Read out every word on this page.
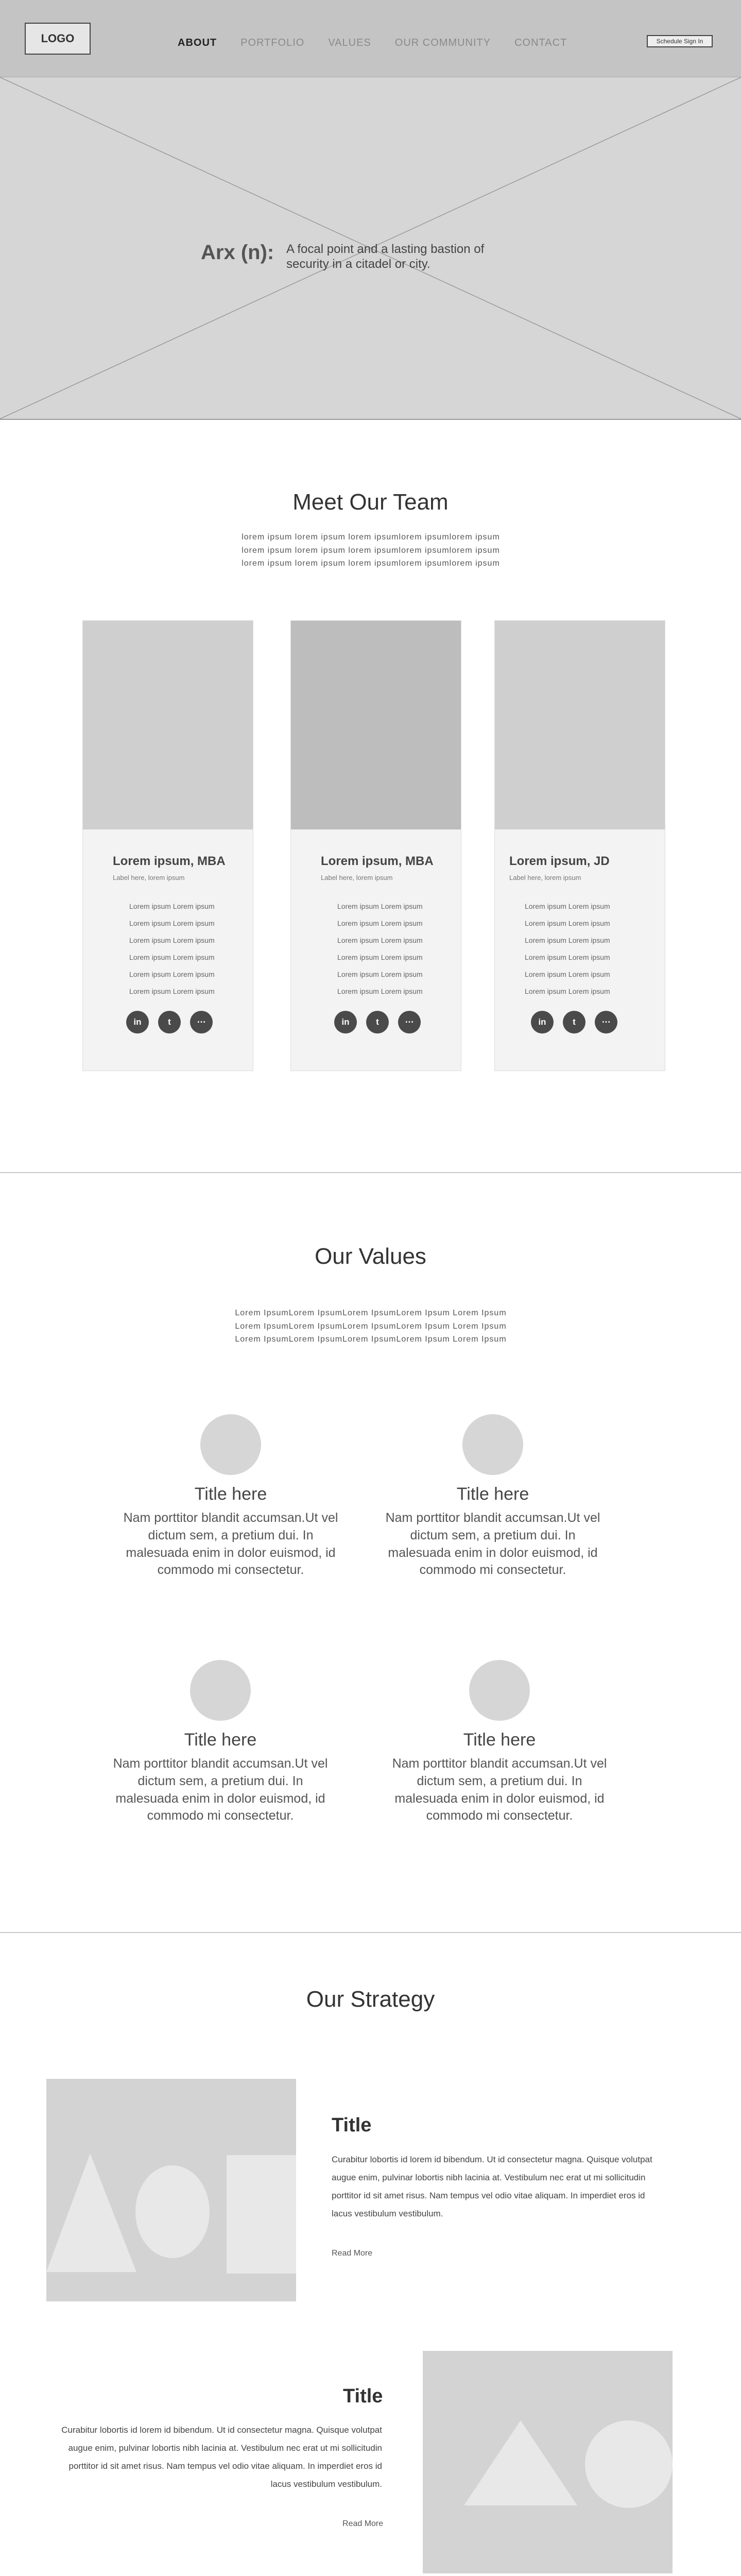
LOGO	ABOUT PORTFOLIO VALUES OUR COMMUNITY CONTACT	Schedule Sign In
Arx (n): A focal point and a lasting bastion of security in a citadel or city.
Meet Our Team
lorem ipsum lorem ipsum lorem ipsumlorem ipsumlorem ipsum
lorem ipsum lorem ipsum lorem ipsumlorem ipsumlorem ipsum
lorem ipsum lorem ipsum lorem ipsumlorem ipsumlorem ipsum
Lorem ipsum, MBA
Label here, lorem ipsum
Lorem ipsum Lorem ipsum
Lorem ipsum Lorem ipsum
Lorem ipsum Lorem ipsum
Lorem ipsum Lorem ipsum
Lorem ipsum Lorem ipsum
Lorem ipsum Lorem ipsum
in	t	⋯
Lorem ipsum, MBA
Label here, lorem ipsum
Lorem ipsum Lorem ipsum
Lorem ipsum Lorem ipsum
Lorem ipsum Lorem ipsum
Lorem ipsum Lorem ipsum
Lorem ipsum Lorem ipsum
Lorem ipsum Lorem ipsum
in	t	⋯
Lorem ipsum, JD
Label here, lorem ipsum
Lorem ipsum Lorem ipsum
Lorem ipsum Lorem ipsum
Lorem ipsum Lorem ipsum
Lorem ipsum Lorem ipsum
Lorem ipsum Lorem ipsum
Lorem ipsum Lorem ipsum
in	t	⋯
Our Values
Lorem IpsumLorem IpsumLorem IpsumLorem Ipsum Lorem Ipsum
Lorem IpsumLorem IpsumLorem IpsumLorem Ipsum Lorem Ipsum
Lorem IpsumLorem IpsumLorem IpsumLorem Ipsum Lorem Ipsum
Title here
Nam porttitor blandit accumsan.Ut vel dictum sem, a pretium dui. In malesuada enim in dolor euismod, id commodo mi consectetur.
Title here
Nam porttitor blandit accumsan.Ut vel dictum sem, a pretium dui. In malesuada enim in dolor euismod, id commodo mi consectetur.
Title here
Nam porttitor blandit accumsan.Ut vel dictum sem, a pretium dui. In malesuada enim in dolor euismod, id commodo mi consectetur.
Title here
Nam porttitor blandit accumsan.Ut vel dictum sem, a pretium dui. In malesuada enim in dolor euismod, id commodo mi consectetur.
Our Strategy
Title
Curabitur lobortis id lorem id bibendum. Ut id consectetur magna. Quisque volutpat augue enim, pulvinar lobortis nibh lacinia at. Vestibulum nec erat ut mi sollicitudin porttitor id sit amet risus. Nam tempus vel odio vitae aliquam. In imperdiet eros id lacus vestibulum vestibulum.
Read More
Title
Curabitur lobortis id lorem id bibendum. Ut id consectetur magna. Quisque volutpat augue enim, pulvinar lobortis nibh lacinia at. Vestibulum nec erat ut mi sollicitudin porttitor id sit amet risus. Nam tempus vel odio vitae aliquam. In imperdiet eros id lacus vestibulum vestibulum.
Read More
